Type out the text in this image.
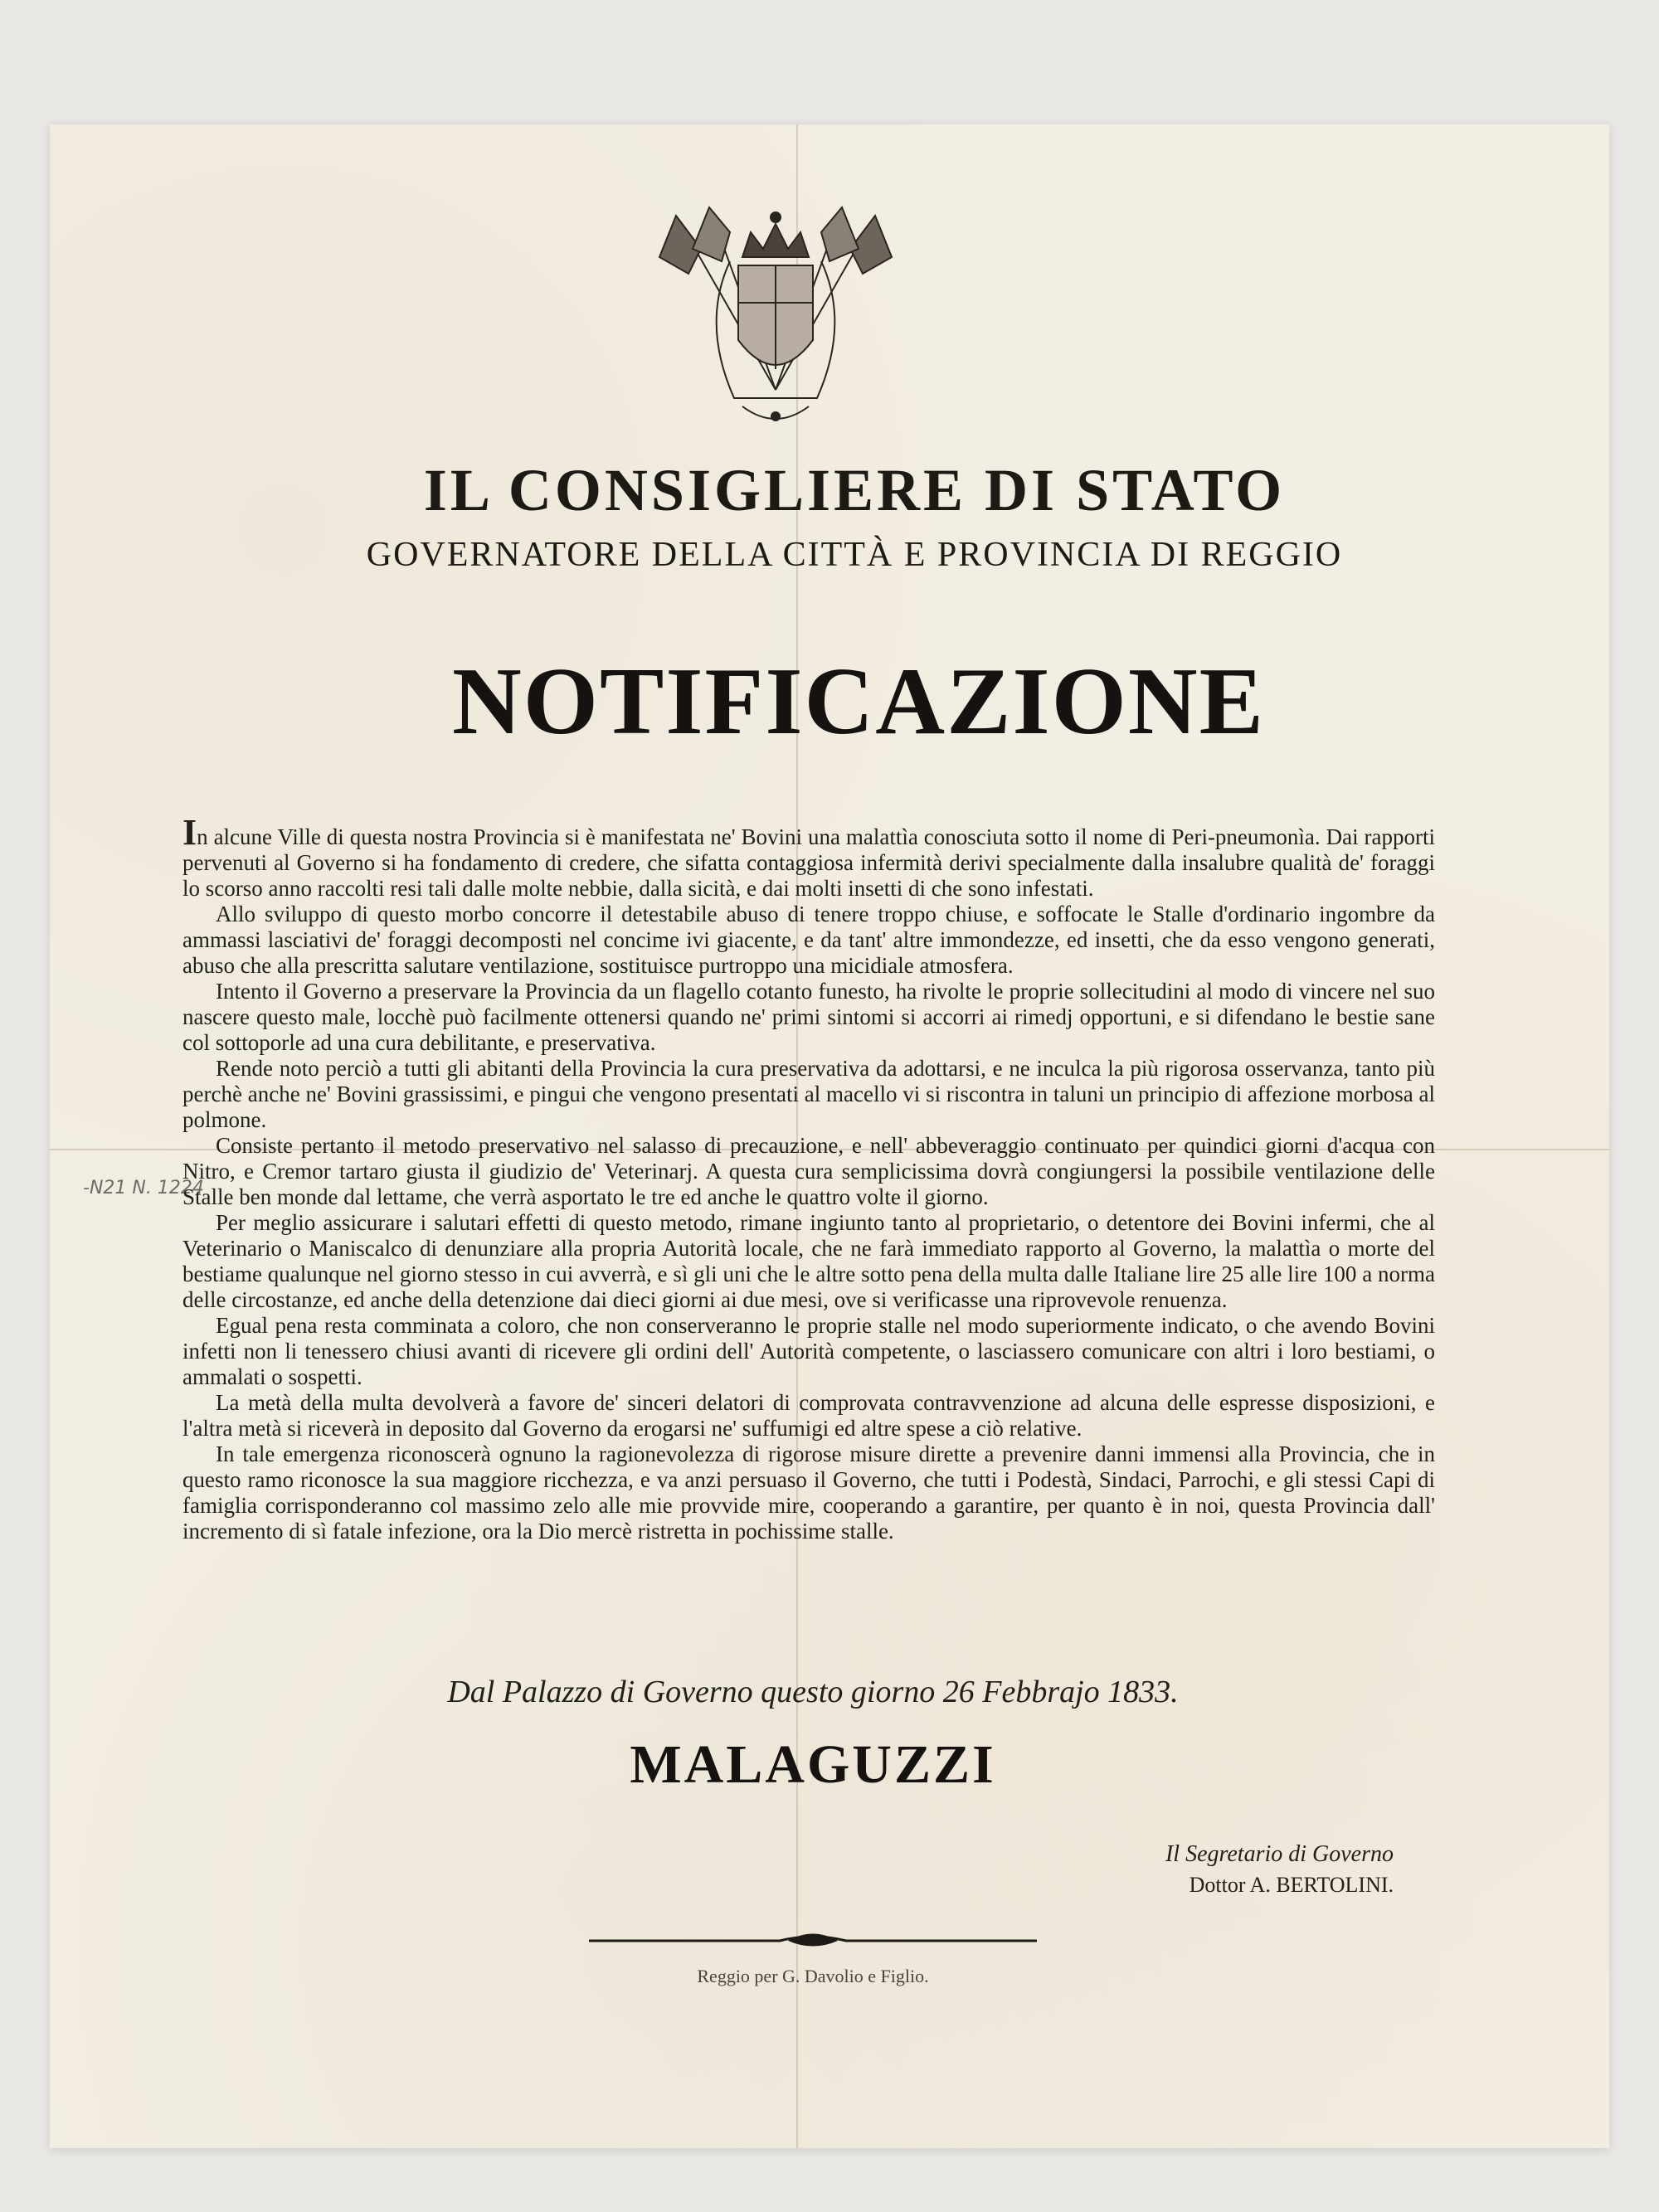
IL CONSIGLIERE DI STATO
GOVERNATORE DELLA CITTÀ E PROVINCIA DI REGGIO
NOTIFICAZIONE
-N21 N. 1224

In alcune Ville di questa nostra Provincia si è manifestata ne' Bovini una malattìa conosciuta sotto il nome di Peri-pneumonìa. Dai rapporti pervenuti al Governo si ha fondamento di credere, che sifatta contaggiosa infermità derivi specialmente dalla insalubre qualità de' foraggi lo scorso anno raccolti resi tali dalle molte nebbie, dalla sicità, e dai molti insetti di che sono infestati.

Allo sviluppo di questo morbo concorre il detestabile abuso di tenere troppo chiuse, e soffocate le Stalle d'ordinario ingombre da ammassi lasciativi de' foraggi decomposti nel concime ivi giacente, e da tant' altre immondezze, ed insetti, che da esso vengono generati, abuso che alla prescritta salutare ventilazione, sostituisce purtroppo una micidiale atmosfera.

Intento il Governo a preservare la Provincia da un flagello cotanto funesto, ha rivolte le proprie sollecitudini al modo di vincere nel suo nascere questo male, locchè può facilmente ottenersi quando ne' primi sintomi si accorri ai rimedj opportuni, e si difendano le bestie sane col sottoporle ad una cura debilitante, e preservativa.

Rende noto perciò a tutti gli abitanti della Provincia la cura preservativa da adottarsi, e ne inculca la più rigorosa osservanza, tanto più perchè anche ne' Bovini grassissimi, e pingui che vengono presentati al macello vi si riscontra in taluni un principio di affezione morbosa al polmone.

Consiste pertanto il metodo preservativo nel salasso di precauzione, e nell' abbeveraggio continuato per quindici giorni d'acqua con Nitro, e Cremor tartaro giusta il giudizio de' Veterinarj. A questa cura semplicissima dovrà congiungersi la possibile ventilazione delle Stalle ben monde dal lettame, che verrà asportato le tre ed anche le quattro volte il giorno.

Per meglio assicurare i salutari effetti di questo metodo, rimane ingiunto tanto al proprietario, o detentore dei Bovini infermi, che al Veterinario o Maniscalco di denunziare alla propria Autorità locale, che ne farà immediato rapporto al Governo, la malattìa o morte del bestiame qualunque nel giorno stesso in cui avverrà, e sì gli uni che le altre sotto pena della multa dalle Italiane lire 25 alle lire 100 a norma delle circostanze, ed anche della detenzione dai dieci giorni ai due mesi, ove si verificasse una riprovevole renuenza.

Egual pena resta comminata a coloro, che non conserveranno le proprie stalle nel modo superiormente indicato, o che avendo Bovini infetti non li tenessero chiusi avanti di ricevere gli ordini dell' Autorità competente, o lasciassero comunicare con altri i loro bestiami, o ammalati o sospetti.

La metà della multa devolverà a favore de' sinceri delatori di comprovata contravvenzione ad alcuna delle espresse disposizioni, e l'altra metà si riceverà in deposito dal Governo da erogarsi ne' suffumigi ed altre spese a ciò relative.

In tale emergenza riconoscerà ognuno la ragionevolezza di rigorose misure dirette a prevenire danni immensi alla Provincia, che in questo ramo riconosce la sua maggiore ricchezza, e va anzi persuaso il Governo, che tutti i Podestà, Sindaci, Parrochi, e gli stessi Capi di famiglia corrisponderanno col massimo zelo alle mie provvide mire, cooperando a garantire, per quanto è in noi, questa Provincia dall' incremento di sì fatale infezione, ora la Dio mercè ristretta in pochissime stalle.

Dal Palazzo di Governo questo giorno 26 Febbrajo 1833.
MALAGUZZI
Il Segretario di Governo
Dottor A. BERTOLINI.
Reggio per G. Davolio e Figlio.
